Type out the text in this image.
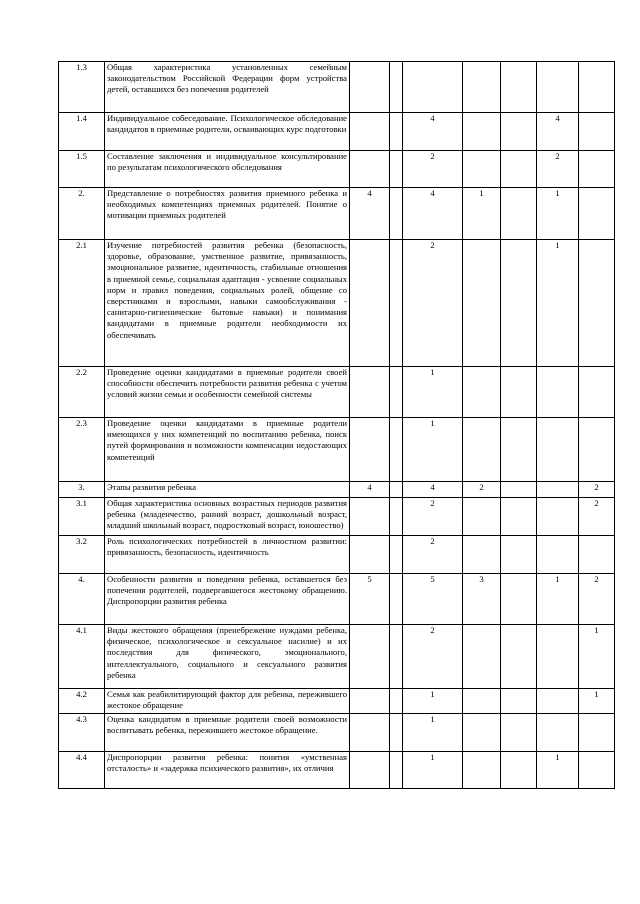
1.3	Общая характеристика установленных семейным законодательством Российской Федерации форм устройства детей, оставшихся без попечения родителей							
1.4	Индивидуальное собеседование. Психологическое обследование кандидатов в приемные родители, осваивающих курс подготовки			4			4	
1.5	Составление заключения и индивидуальное консультирование по результатам психологического обследования			2			2	
2.	Представление о потребностях развития приемного ребенка и необходимых компетенциях приемных родителей. Понятие о мотивации приемных родителей	4		4	1		1	
2.1	Изучение потребностей развития ребенка (безопасность, здоровье, образование, умственное развитие, привязанность, эмоциональное развитие, идентичность, стабильные отношения в приемной семье, социальная адаптация - усвоение социальных норм и правил поведения, социальных ролей, общение со сверстниками и взрослыми, навыки самообслуживания - санитарно-гигиенические бытовые навыки) и понимания кандидатами в приемные родители необходимости их обеспечивать			2			1	
2.2	Проведение оценки кандидатами в приемные родители своей способности обеспечить потребности развития ребенка с учетом условий жизни семьи и особенности семейной системы			1				
2.3	Проведение оценки кандидатами в приемные родители имеющихся у них компетенций по воспитанию ребенка, поиск путей формирования и возможности компенсации недостающих компетенций			1				
3.	Этапы развития ребенка	4		4	2			2
3.1	Общая характеристика основных возрастных периодов развития ребенка (младенчество, ранний возраст, дошкольный возраст, младший школьный возраст, подростковый возраст, юношество)			2				2
3.2	Роль психологических потребностей в личностном развитии: привязанность, безопасность, идентичность			2				
4.	Особенности развития и поведения ребенка, оставшегося без попечения родителей, подвергавшегося жестокому обращению. Диспропорции развития ребенка	5		5	3		1	2
4.1	Виды жестокого обращения (пренебрежение нуждами ребенка, физическое, психологическое и сексуальное насилие) и их последствия для физического, эмоционального, интеллектуального, социального и сексуального развития ребенка			2				1
4.2	Семья как реабилитирующий фактор для ребенка, пережившего жестокое обращение			1				1
4.3	Оценка кандидатом в приемные родители своей возможности воспитывать ребенка, пережившего жестокое обращение.			1				
4.4	Диспропорции развития ребенка: понятия «умственная отсталость» и «задержка психического развития», их отличия			1			1	
